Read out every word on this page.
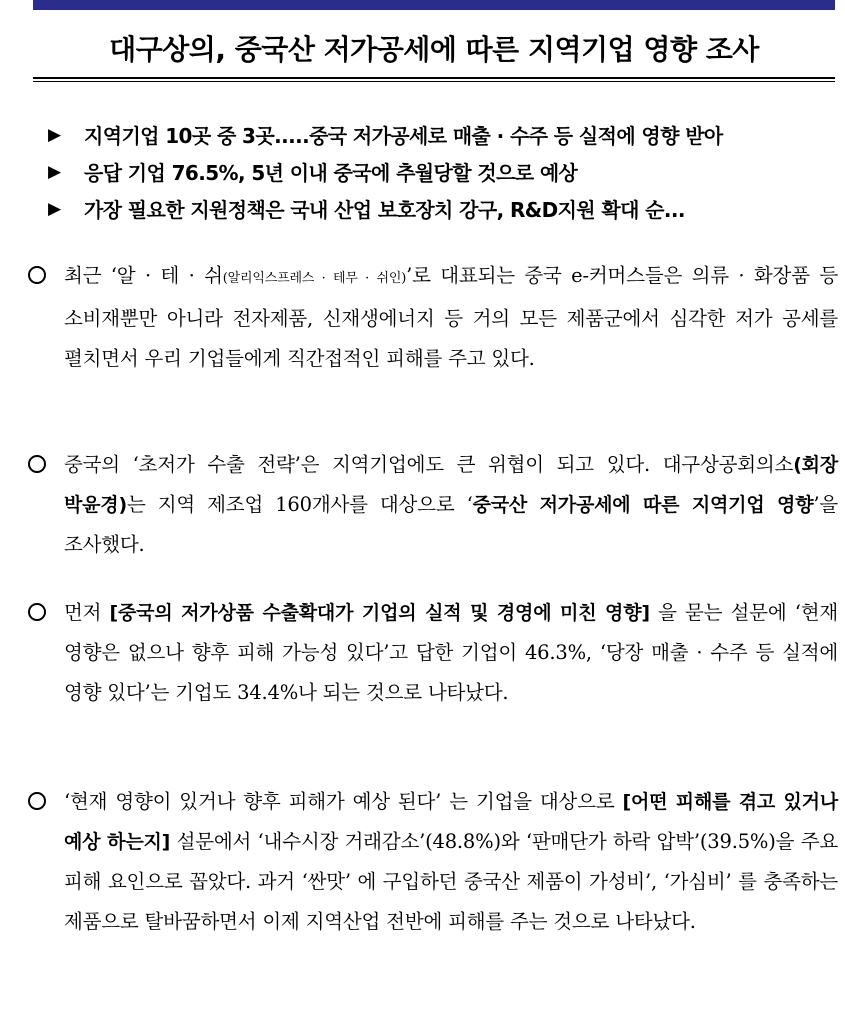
대구상의, 중국산 저가공세에 따른 지역기업 영향 조사
▶	지역기업 10곳 중 3곳.....중국 저가공세로 매출 · 수주 등 실적에 영향 받아
▶	응답 기업 76.5%, 5년 이내 중국에 추월당할 것으로 예상
▶	가장 필요한 지원정책은 국내 산업 보호장치 강구, R&D지원 확대 순...
최근 ‘알 · 테 · 쉬(알리익스프레스 · 테무 · 쉬인)’로 대표되는 중국 e-커머스들은 의류 · 화장품 등 소비재뿐만 아니라 전자제품, 신재생에너지 등 거의 모든 제품군에서 심각한 저가 공세를 펼치면서 우리 기업들에게 직간접적인 피해를 주고 있다.
중국의 ‘초저가 수출 전략’은 지역기업에도 큰 위협이 되고 있다. 대구상공회의소(회장 박윤경)는 지역 제조업 160개사를 대상으로 ‘중국산 저가공세에 따른 지역기업 영향’을 조사했다.
먼저 [중국의 저가상품 수출확대가 기업의 실적 및 경영에 미친 영향] 을 묻는 설문에 ‘현재 영향은 없으나 향후 피해 가능성 있다’고 답한 기업이 46.3%, ‘당장 매출 · 수주 등 실적에 영향 있다’는 기업도 34.4%나 되는 것으로 나타났다.
‘현재 영향이 있거나 향후 피해가 예상 된다’ 는 기업을 대상으로 [어떤 피해를 겪고 있거나 예상 하는지] 설문에서 ‘내수시장 거래감소’(48.8%)와 ‘판매단가 하락 압박’(39.5%)을 주요 피해 요인으로 꼽았다. 과거 ‘싼맛’ 에 구입하던 중국산 제품이 가성비’, ‘가심비’ 를 충족하는 제품으로 탈바꿈하면서 이제 지역산업 전반에 피해를 주는 것으로 나타났다.
